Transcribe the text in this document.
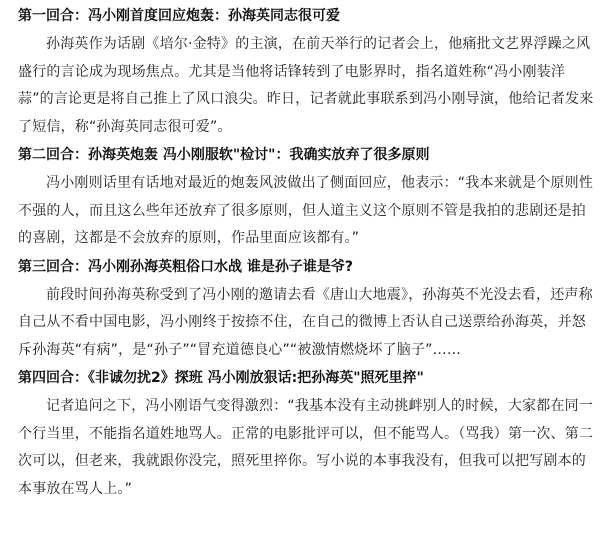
第一回合：冯小刚首度回应炮轰：孙海英同志很可爱

孙海英作为话剧《培尔·金特》的主演，在前天举行的记者会上，他痛批文艺界浮躁之风盛行的言论成为现场焦点。尤其是当他将话锋转到了电影界时，指名道姓称“冯小刚装洋蒜”的言论更是将自己推上了风口浪尖。昨日，记者就此事联系到冯小刚导演，他给记者发来了短信，称“孙海英同志很可爱”。

第二回合：孙海英炮轰 冯小刚服软"检讨"：我确实放弃了很多原则

冯小刚则话里有话地对最近的炮轰风波做出了侧面回应，他表示：“我本来就是个原则性不强的人，而且这么些年还放弃了很多原则，但人道主义这个原则不管是我拍的悲剧还是拍的喜剧，这都是不会放弃的原则，作品里面应该都有。”

第三回合：冯小刚孙海英粗俗口水战 谁是孙子谁是爷?

前段时间孙海英称受到了冯小刚的邀请去看《唐山大地震》，孙海英不光没去看，还声称自己从不看中国电影，冯小刚终于按捺不住，在自己的微博上否认自己送票给孙海英，并怒斥孙海英“有病”，是“孙子”“冒充道德良心”“被激情燃烧坏了脑子”……

第四回合：《非诚勿扰2》探班 冯小刚放狠话:把孙海英"照死里捽"

记者追问之下，冯小刚语气变得激烈：“我基本没有主动挑衅别人的时候，大家都在同一个行当里，不能指名道姓地骂人。正常的电影批评可以，但不能骂人。（骂我）第一次、第二次可以，但老来，我就跟你没完，照死里捽你。写小说的本事我没有，但我可以把写剧本的本事放在骂人上。”
